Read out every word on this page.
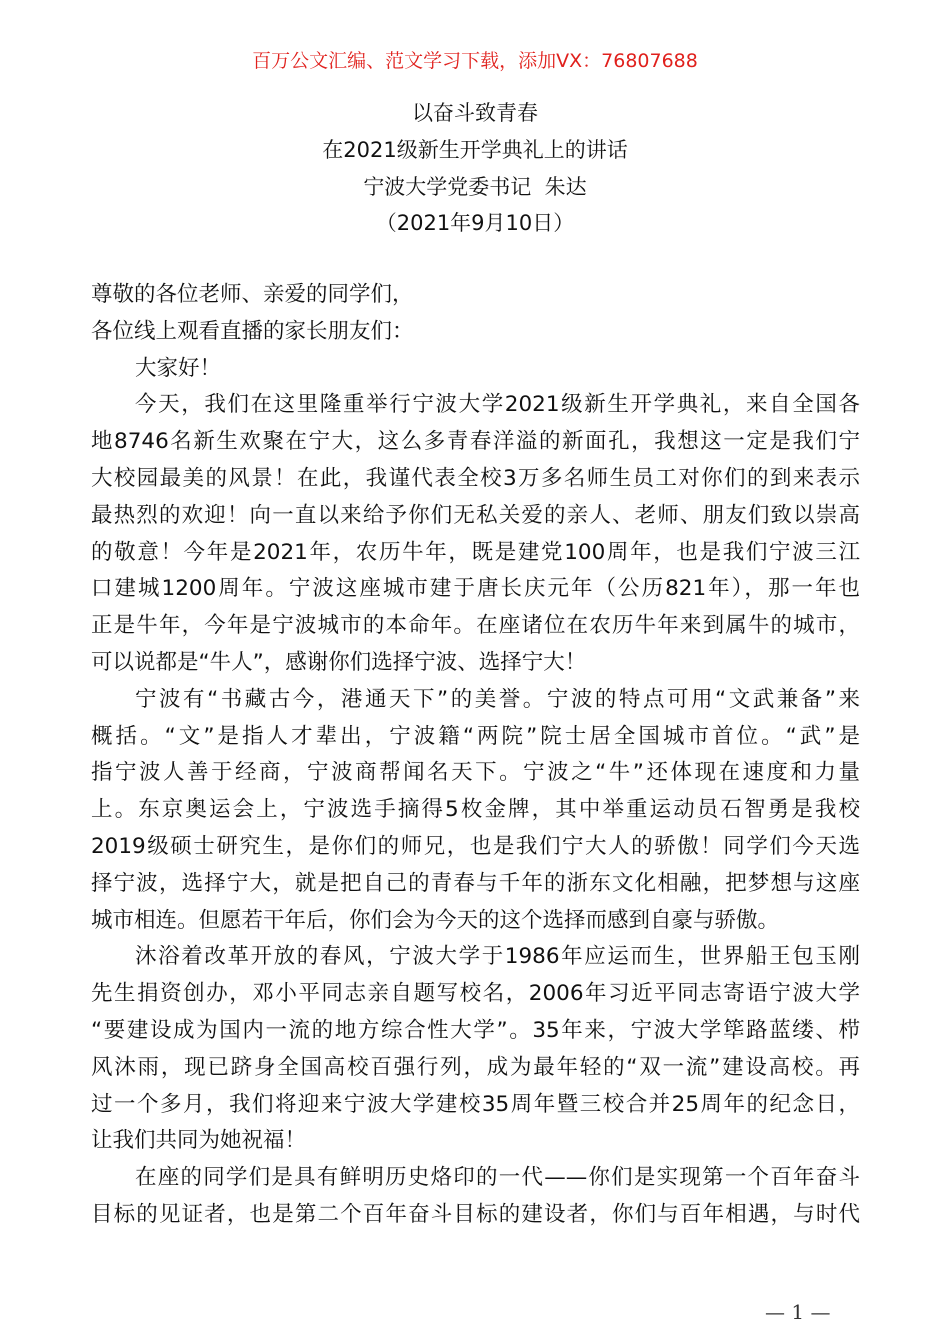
百万公文汇编、范文学习下载，添加VX：76807688
以奋斗致青春
在2021级新生开学典礼上的讲话
宁波大学党委书记  朱达
（2021年9月10日）
尊敬的各位老师、亲爱的同学们，
各位线上观看直播的家长朋友们：
大家好！
今天，我们在这里隆重举行宁波大学2021级新生开学典礼，来自全国各
地8746名新生欢聚在宁大，这么多青春洋溢的新面孔，我想这一定是我们宁
大校园最美的风景！在此，我谨代表全校3万多名师生员工对你们的到来表示
最热烈的欢迎！向一直以来给予你们无私关爱的亲人、老师、朋友们致以崇高
的敬意！今年是2021年，农历牛年，既是建党100周年，也是我们宁波三江
口建城1200周年。宁波这座城市建于唐长庆元年（公历821年），那一年也
正是牛年，今年是宁波城市的本命年。在座诸位在农历牛年来到属牛的城市，
可以说都是“牛人”，感谢你们选择宁波、选择宁大！
宁波有“书藏古今，港通天下”的美誉。宁波的特点可用“文武兼备”来
概括。“文”是指人才辈出，宁波籍“两院”院士居全国城市首位。“武”是
指宁波人善于经商，宁波商帮闻名天下。宁波之“牛”还体现在速度和力量
上。东京奥运会上，宁波选手摘得5枚金牌，其中举重运动员石智勇是我校
2019级硕士研究生，是你们的师兄，也是我们宁大人的骄傲！同学们今天选
择宁波，选择宁大，就是把自己的青春与千年的浙东文化相融，把梦想与这座
城市相连。但愿若干年后，你们会为今天的这个选择而感到自豪与骄傲。
沐浴着改革开放的春风，宁波大学于1986年应运而生，世界船王包玉刚
先生捐资创办，邓小平同志亲自题写校名，2006年习近平同志寄语宁波大学
“要建设成为国内一流的地方综合性大学”。35年来，宁波大学筚路蓝缕、栉
风沐雨，现已跻身全国高校百强行列，成为最年轻的“双一流”建设高校。再
过一个多月，我们将迎来宁波大学建校35周年暨三校合并25周年的纪念日，
让我们共同为她祝福！
在座的同学们是具有鲜明历史烙印的一代——你们是实现第一个百年奋斗
目标的见证者，也是第二个百年奋斗目标的建设者，你们与百年相遇，与时代
— 1 —
